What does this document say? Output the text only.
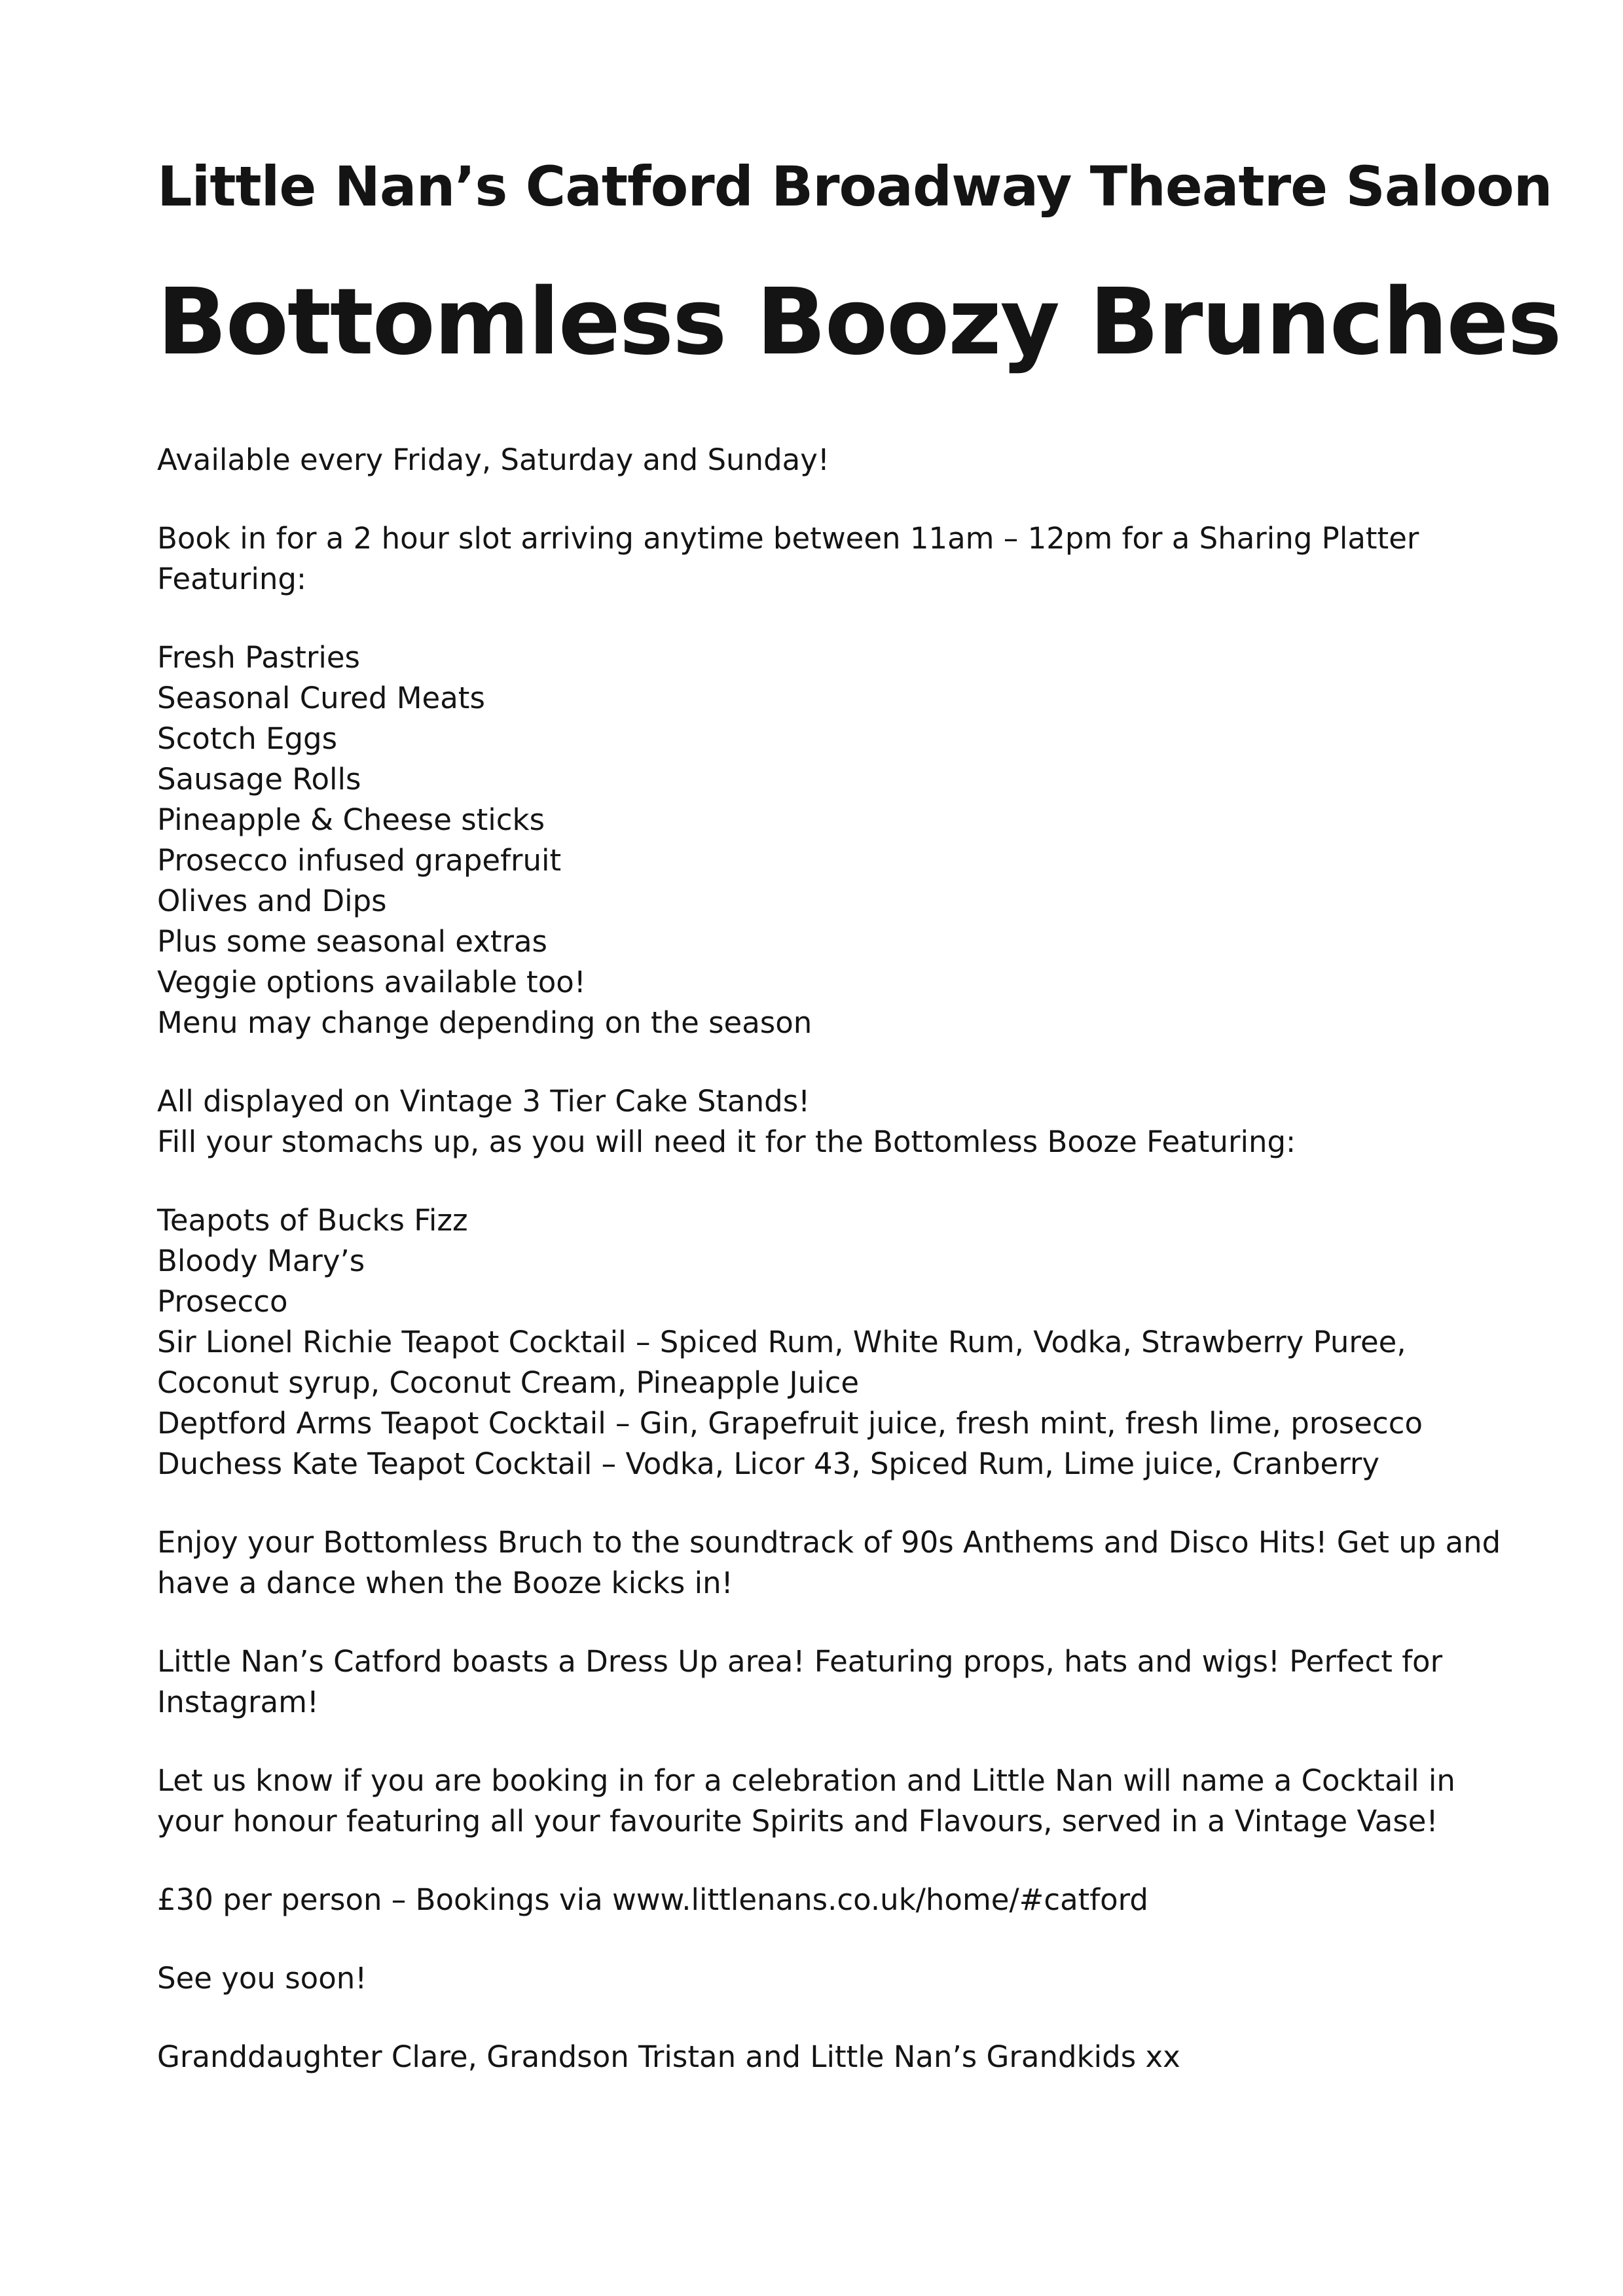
Little Nan’s Catford Broadway Theatre Saloon
Bottomless Boozy Brunches

Available every Friday, Saturday and Sunday!

Book in for a 2 hour slot arriving anytime between 11am – 12pm for a Sharing Platter
Featuring:

Fresh Pastries
Seasonal Cured Meats
Scotch Eggs
Sausage Rolls
Pineapple & Cheese sticks
Prosecco infused grapefruit
Olives and Dips
Plus some seasonal extras
Veggie options available too!
Menu may change depending on the season

All displayed on Vintage 3 Tier Cake Stands!
Fill your stomachs up, as you will need it for the Bottomless Booze Featuring:

Teapots of Bucks Fizz
Bloody Mary’s
Prosecco
Sir Lionel Richie Teapot Cocktail – Spiced Rum, White Rum, Vodka, Strawberry Puree,
Coconut syrup, Coconut Cream, Pineapple Juice
Deptford Arms Teapot Cocktail – Gin, Grapefruit juice, fresh mint, fresh lime, prosecco
Duchess Kate Teapot Cocktail – Vodka, Licor 43, Spiced Rum, Lime juice, Cranberry

Enjoy your Bottomless Bruch to the soundtrack of 90s Anthems and Disco Hits! Get up and
have a dance when the Booze kicks in!

Little Nan’s Catford boasts a Dress Up area! Featuring props, hats and wigs! Perfect for
Instagram!

Let us know if you are booking in for a celebration and Little Nan will name a Cocktail in
your honour featuring all your favourite Spirits and Flavours, served in a Vintage Vase!

£30 per person – Bookings via www.littlenans.co.uk/home/#catford

See you soon!

Granddaughter Clare, Grandson Tristan and Little Nan’s Grandkids xx
